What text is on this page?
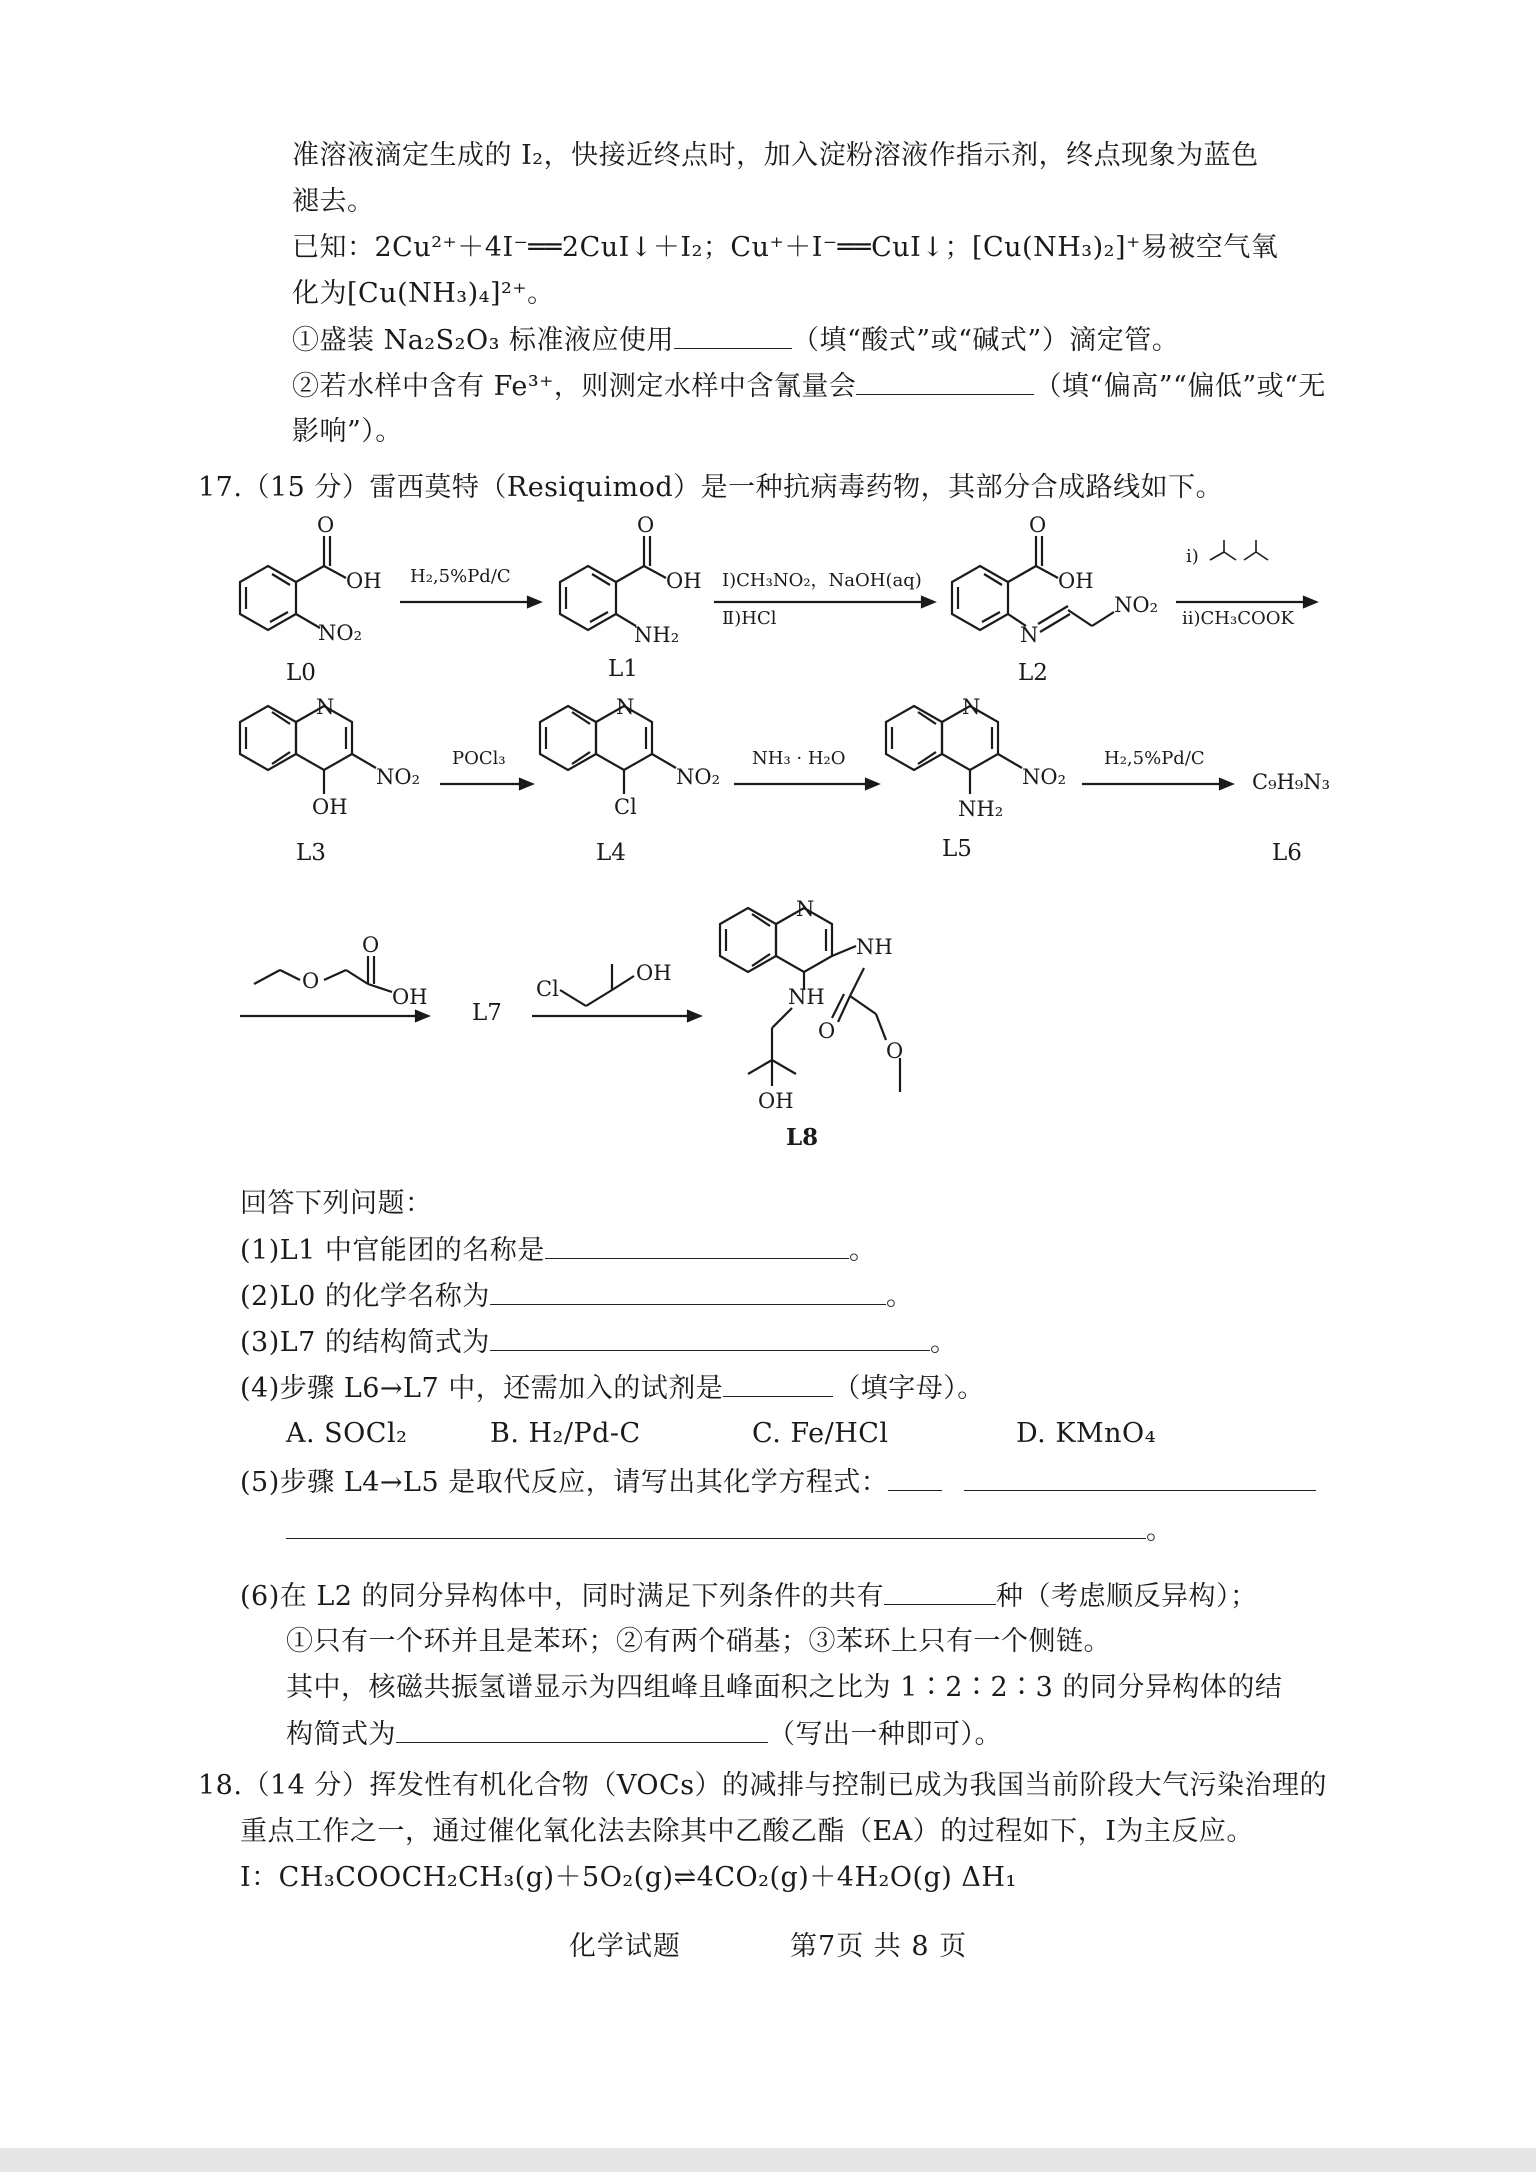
准溶液滴定生成的 I₂，快接近终点时，加入淀粉溶液作指示剂，终点现象为蓝色
褪去。
已知：2Cu²⁺＋4I⁻══2CuI↓＋I₂；Cu⁺＋I⁻══CuI↓；[Cu(NH₃)₂]⁺易被空气氧
化为[Cu(NH₃)₄]²⁺。
①盛装 Na₂S₂O₃ 标准液应使用	（填“酸式”或“碱式”）滴定管。
②若水样中含有 Fe³⁺，则测定水样中含氰量会	（填“偏高”“偏低”或“无
影响”）。
17.（15 分）雷西莫特（Resiquimod）是一种抗病毒药物，其部分合成路线如下。
O
OH
NO₂
O
OH
NH₂
O
OH
N
NO₂
N
NO₂
OH
N
NO₂
Cl
N
NO₂
NH₂
O
O
OH	Cl
OH
N
NH
NH
O
O
OH
H₂,5%Pd/C	Ⅰ)CH₃NO₂，NaOH(aq)
Ⅱ)HCl
ⅰ)
ⅱ)CH₃COOK
POCl₃	NH₃ · H₂O	H₂,5%Pd/C
C₉H₉N₃
L0	L1	L2
L3	L4	L5	L6
L7
L8
回答下列问题：
(1)L1 中官能团的名称是	。
(2)L0 的化学名称为	。
(3)L7 的结构简式为	。
(4)步骤 L6→L7 中，还需加入的试剂是	（填字母）。
A. SOCl₂	B. H₂/Pd-C	C. Fe/HCl	D. KMnO₄
(5)步骤 L4→L5 是取代反应，请写出其化学方程式：
。
(6)在 L2 的同分异构体中，同时满足下列条件的共有	种（考虑顺反异构）；
①只有一个环并且是苯环；②有两个硝基；③苯环上只有一个侧链。
其中，核磁共振氢谱显示为四组峰且峰面积之比为 1∶2∶2∶3 的同分异构体的结
构简式为	（写出一种即可）。
18.（14 分）挥发性有机化合物（VOCs）的减排与控制已成为我国当前阶段大气污染治理的
重点工作之一，通过催化氧化法去除其中乙酸乙酯（EA）的过程如下，Ⅰ为主反应。
Ⅰ：CH₃COOCH₂CH₃(g)＋5O₂(g)⇌4CO₂(g)＋4H₂O(g) ΔH₁
化学试题	第7页 共 8 页
